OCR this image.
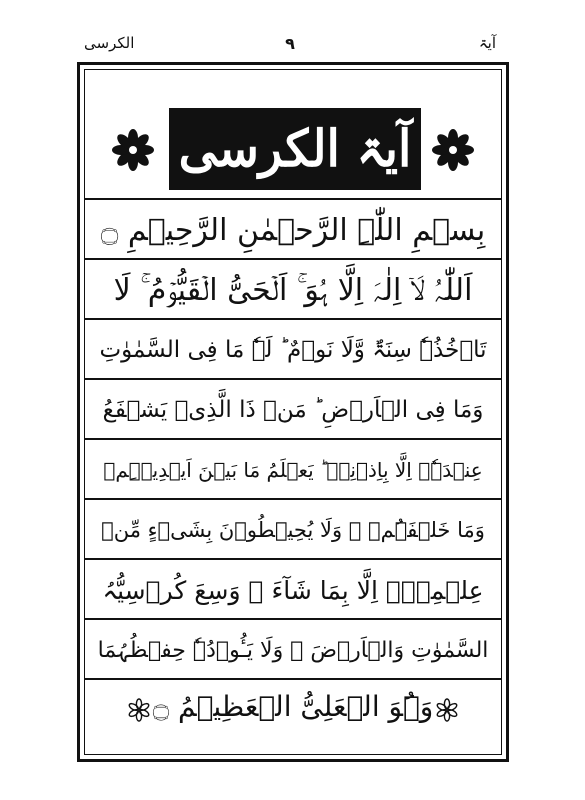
الکرسی	۹	آیۃ
آیۃ الکرسی
بِسۡمِ اللّٰہِ الرَّحۡمٰنِ الرَّحِیۡمِ ۝
اَللّٰہُ لَاۤ اِلٰہَ اِلَّا ہُوَ ۚ اَلۡحَیُّ الۡقَیُّوۡمُ ۚ لَا
تَاۡخُذُہٗ سِنَۃٌ وَّلَا نَوۡمٌ ؕ لَہٗ مَا فِی السَّمٰوٰتِ
وَمَا فِی الۡاَرۡضِ ؕ مَنۡ ذَا الَّذِیۡ یَشۡفَعُ
عِنۡدَہٗۤ اِلَّا بِاِذۡنِہٖ ؕ یَعۡلَمُ مَا بَیۡنَ اَیۡدِیۡہِمۡ
وَمَا خَلۡفَہُمۡ ۚ وَلَا یُحِیۡطُوۡنَ بِشَیۡءٍ مِّنۡ
عِلۡمِہٖۤ اِلَّا بِمَا شَآءَ ۚ وَسِعَ کُرۡسِیُّہُ
السَّمٰوٰتِ وَالۡاَرۡضَ ۚ وَلَا یَـُٔوۡدُہٗ حِفۡظُہُمَا
وَہُوَ الۡعَلِیُّ الۡعَظِیۡمُ ۝
